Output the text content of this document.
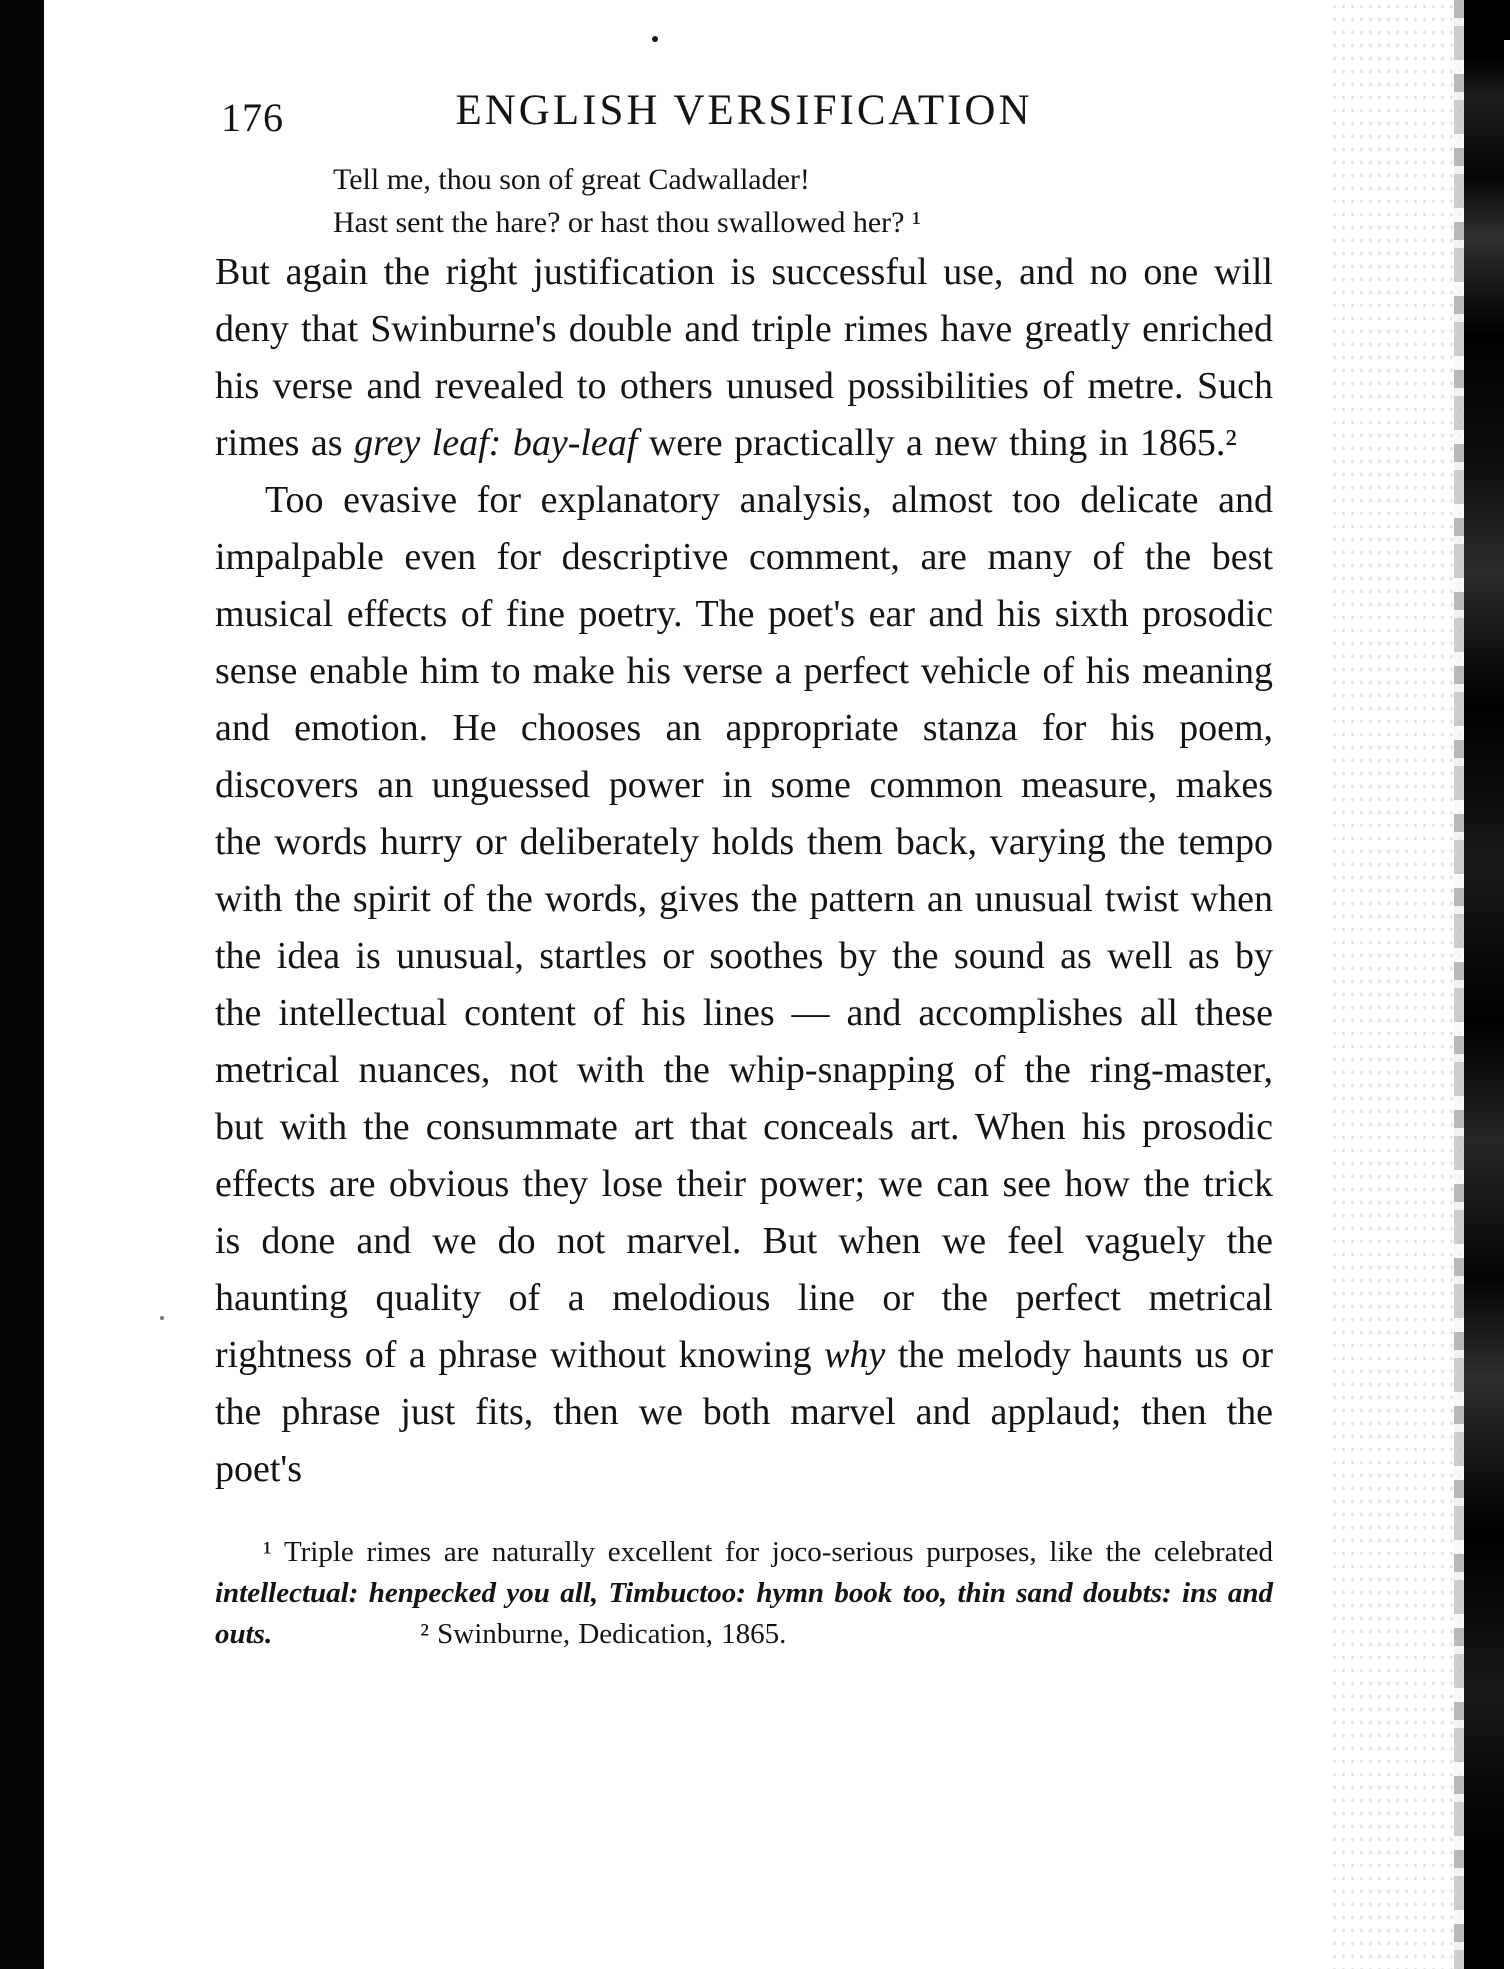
176	ENGLISH VERSIFICATION
Tell me, thou son of great Cadwallader!
Hast sent the hare? or hast thou swallowed her? ¹

But again the right justification is successful use, and no one will deny that Swinburne's double and triple rimes have greatly enriched his verse and revealed to others unused possibilities of metre. Such rimes as grey leaf: bay-leaf were practically a new thing in 1865.²

Too evasive for explanatory analysis, almost too delicate and impalpable even for descriptive comment, are many of the best musical effects of fine poetry. The poet's ear and his sixth prosodic sense enable him to make his verse a perfect vehicle of his meaning and emotion. He chooses an appropriate stanza for his poem, discovers an unguessed power in some common measure, makes the words hurry or deliberately holds them back, varying the tempo with the spirit of the words, gives the pattern an unusual twist when the idea is unusual, startles or soothes by the sound as well as by the intellectual content of his lines — and accomplishes all these metrical nuances, not with the whip-snapping of the ring-master, but with the consummate art that conceals art. When his prosodic effects are obvious they lose their power; we can see how the trick is done and we do not marvel. But when we feel vaguely the haunting quality of a melodious line or the perfect metrical rightness of a phrase without knowing why the melody haunts us or the phrase just fits, then we both marvel and applaud; then the poet's

¹ Triple rimes are naturally excellent for joco-serious purposes, like the celebrated intellectual: henpecked you all, Timbuctoo: hymn book too, thin sand doubts: ins and outs.	² Swinburne, Dedication, 1865.
